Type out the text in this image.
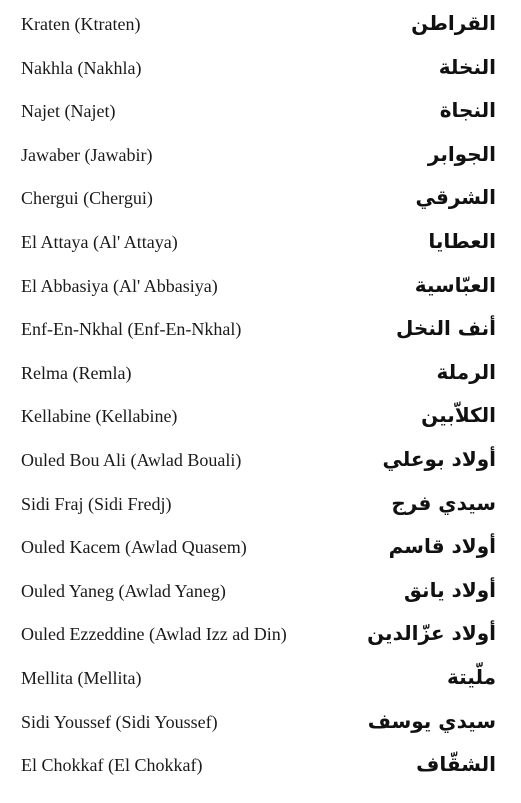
Kraten (Ktraten)	القراطن
Nakhla (Nakhla)	النخلة
Najet (Najet)	النجاة
Jawaber (Jawabir)	الجوابر
Chergui (Chergui)	الشرقي
El Attaya (Al' Attaya)	العطايا
El Abbasiya (Al' Abbasiya)	العبّاسية
Enf-En-Nkhal (Enf-En-Nkhal)	أنف النخل
Relma (Remla)	الرملة
Kellabine (Kellabine)	الكلاّبين
Ouled Bou Ali (Awlad Bouali)	أولاد بوعلي
Sidi Fraj (Sidi Fredj)	سيدي فرج
Ouled Kacem (Awlad Quasem)	أولاد قاسم
Ouled Yaneg (Awlad Yaneg)	أولاد يانق
Ouled Ezzeddine (Awlad Izz ad Din)	أولاد عزّالدين
Mellita (Mellita)	ملّيتة
Sidi Youssef (Sidi Youssef)	سيدي يوسف
El Chokkaf (El Chokkaf)	الشقّاف
